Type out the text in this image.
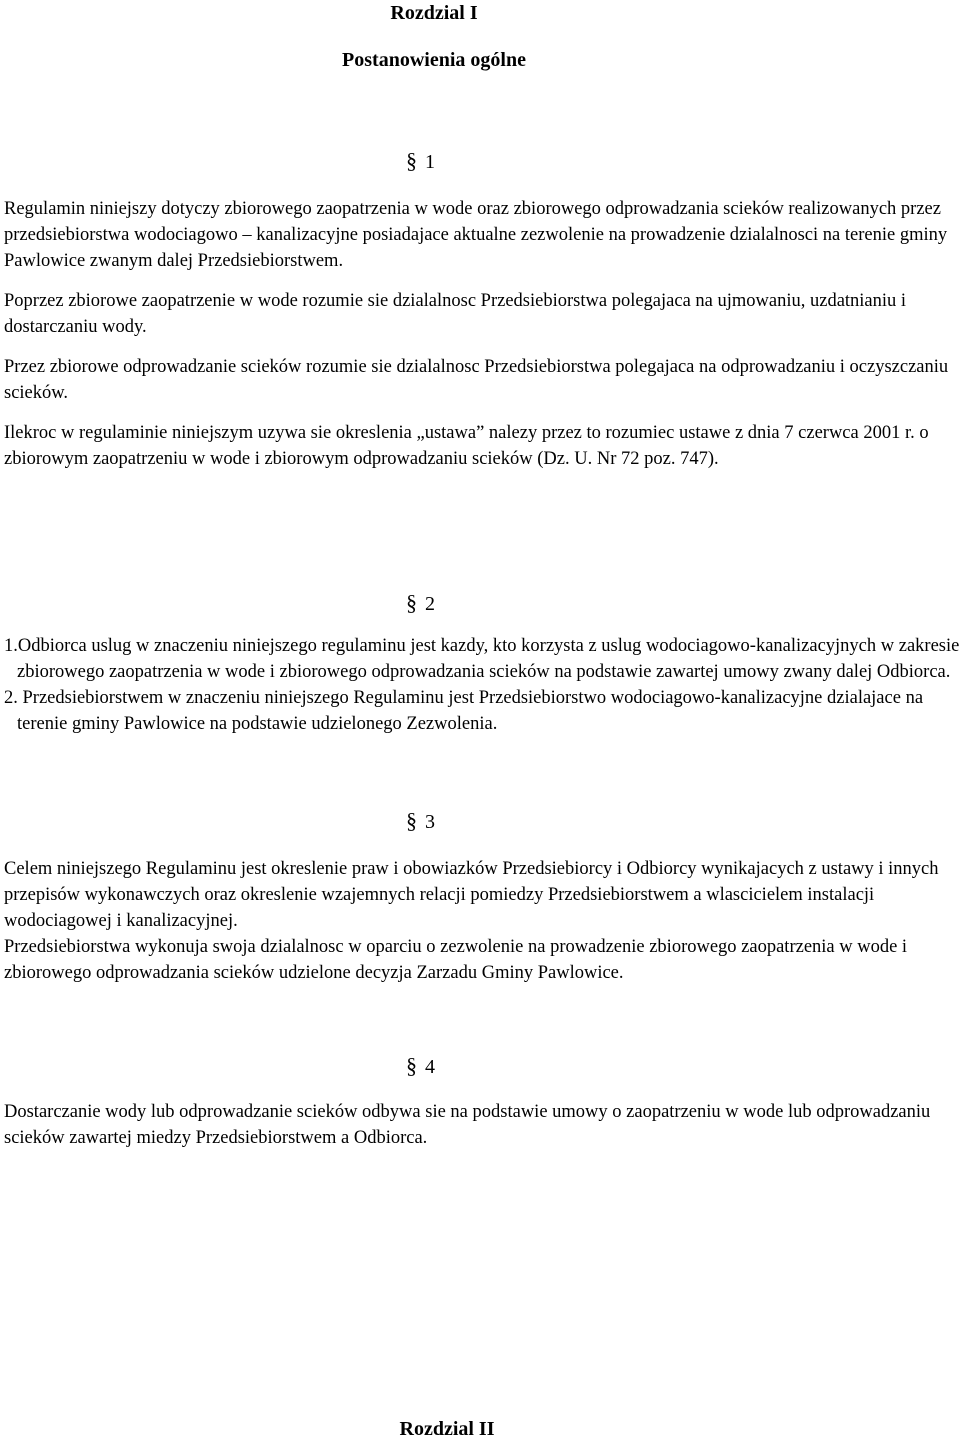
Rozdzial I
Postanowienia ogólne
§ 1

Regulamin niniejszy dotyczy zbiorowego zaopatrzenia w wode oraz zbiorowego odprowadzania scieków realizowanych przez przedsiebiorstwa wodociagowo – kanalizacyjne posiadajace aktualne zezwolenie na prowadzenie dzialalnosci na terenie gminy Pawlowice zwanym dalej Przedsiebiorstwem.

Poprzez zbiorowe zaopatrzenie w wode rozumie sie dzialalnosc Przedsiebiorstwa polegajaca na ujmowaniu, uzdatnianiu i dostarczaniu wody.

Przez zbiorowe odprowadzanie scieków rozumie sie dzialalnosc Przedsiebiorstwa polegajaca na odprowadzaniu i oczyszczaniu scieków.

Ilekroc w regulaminie niniejszym uzywa sie okreslenia „ustawa” nalezy przez to rozumiec ustawe z dnia 7 czerwca 2001 r. o zbiorowym zaopatrzeniu w wode i zbiorowym odprowadzaniu scieków (Dz. U. Nr 72 poz. 747).

§ 2

1.Odbiorca uslug w znaczeniu niniejszego regulaminu jest kazdy, kto korzysta z uslug wodociagowo-kanalizacyjnych w zakresie zbiorowego zaopatrzenia w wode i zbiorowego odprowadzania scieków na podstawie zawartej umowy zwany dalej Odbiorca.

2. Przedsiebiorstwem w znaczeniu niniejszego Regulaminu jest Przedsiebiorstwo wodociagowo-kanalizacyjne dzialajace na terenie gminy Pawlowice na podstawie udzielonego Zezwolenia.

§ 3

Celem niniejszego Regulaminu jest okreslenie praw i obowiazków Przedsiebiorcy i Odbiorcy wynikajacych z ustawy i innych przepisów wykonawczych oraz okreslenie wzajemnych relacji pomiedzy Przedsiebiorstwem a wlascicielem instalacji wodociagowej i kanalizacyjnej.

Przedsiebiorstwa wykonuja swoja dzialalnosc w oparciu o zezwolenie na prowadzenie zbiorowego zaopatrzenia w wode i zbiorowego odprowadzania scieków udzielone decyzja Zarzadu Gminy Pawlowice.

§ 4

Dostarczanie wody lub odprowadzanie scieków odbywa sie na podstawie umowy o zaopatrzeniu w wode lub odprowadzaniu scieków zawartej miedzy Przedsiebiorstwem a Odbiorca.

Rozdzial II
